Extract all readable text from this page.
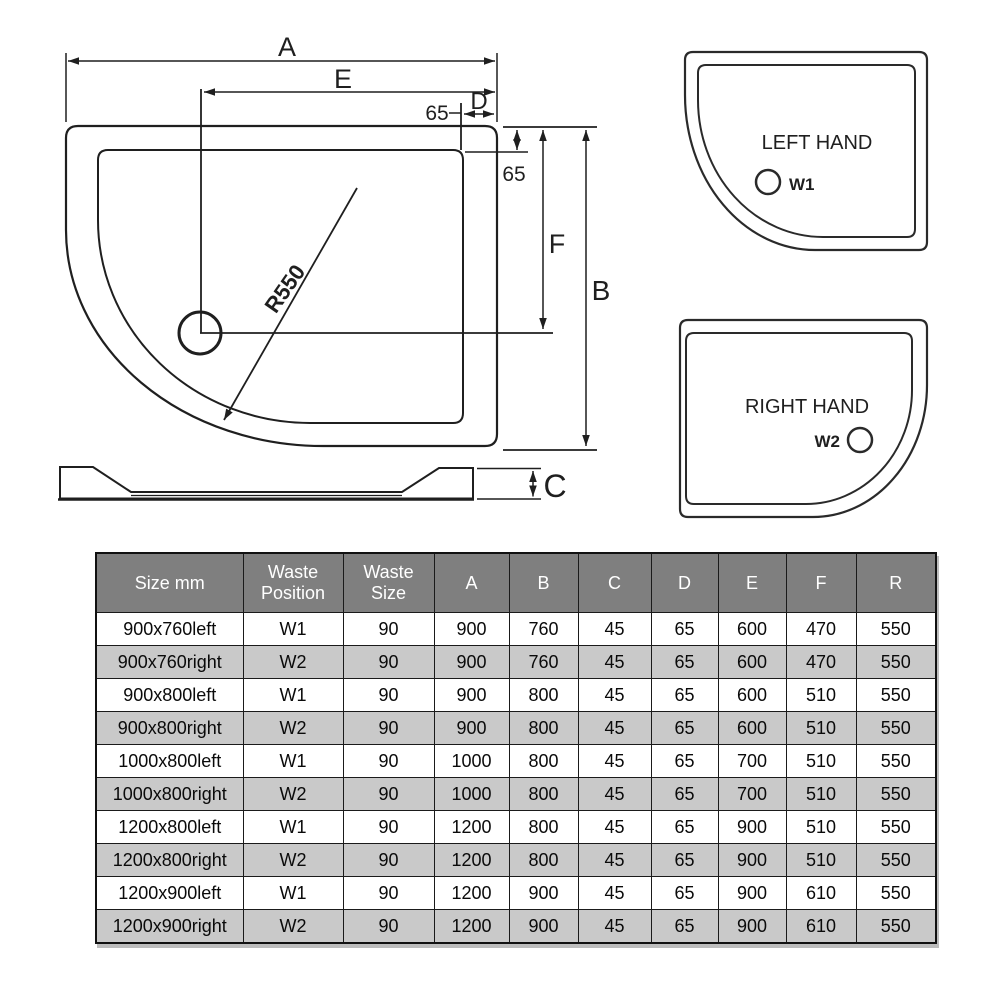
A
E
D
65
65
F
B
R550
C
LEFT HAND
W1
RIGHT HAND
W2
Size mm	Waste Position	Waste Size	A	B	C	D	E	F	R
900x760left	W1	90	900	760	45	65	600	470	550
900x760right	W2	90	900	760	45	65	600	470	550
900x800left	W1	90	900	800	45	65	600	510	550
900x800right	W2	90	900	800	45	65	600	510	550
1000x800left	W1	90	1000	800	45	65	700	510	550
1000x800right	W2	90	1000	800	45	65	700	510	550
1200x800left	W1	90	1200	800	45	65	900	510	550
1200x800right	W2	90	1200	800	45	65	900	510	550
1200x900left	W1	90	1200	900	45	65	900	610	550
1200x900right	W2	90	1200	900	45	65	900	610	550
